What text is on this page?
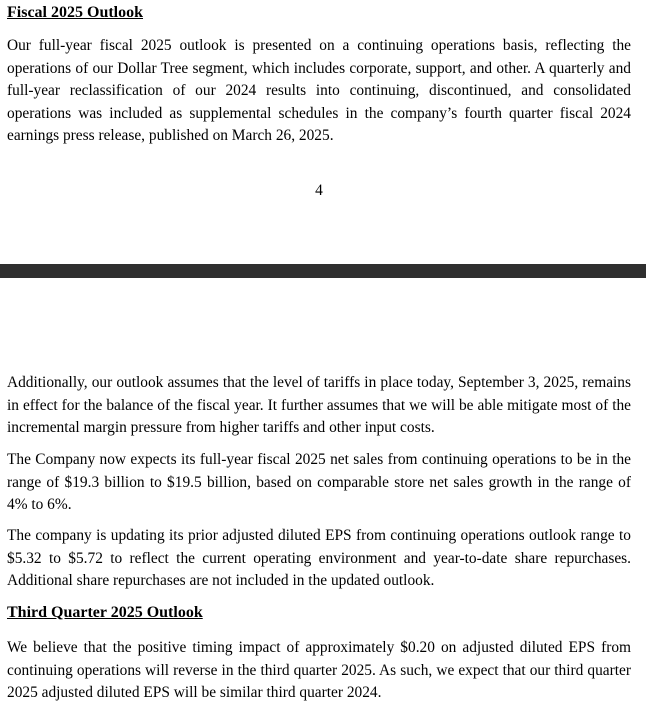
Fiscal 2025 Outlook

Our full-year fiscal 2025 outlook is presented on a continuing operations basis, reflecting the operations of our Dollar Tree segment, which includes corporate, support, and other. A quarterly and full-year reclassification of our 2024 results into continuing, discontinued, and consolidated operations was included as supplemental schedules in the company’s fourth quarter fiscal 2024 earnings press release, published on March 26, 2025.

4

Additionally, our outlook assumes that the level of tariffs in place today, September 3, 2025, remains in effect for the balance of the fiscal year. It further assumes that we will be able mitigate most of the incremental margin pressure from higher tariffs and other input costs.

The Company now expects its full-year fiscal 2025 net sales from continuing operations to be in the range of $19.3 billion to $19.5 billion, based on comparable store net sales growth in the range of 4% to 6%.

The company is updating its prior adjusted diluted EPS from continuing operations outlook range to $5.32 to $5.72 to reflect the current operating environment and year-to-date share repurchases. Additional share repurchases are not included in the updated outlook.

Third Quarter 2025 Outlook

We believe that the positive timing impact of approximately $0.20 on adjusted diluted EPS from continuing operations will reverse in the third quarter 2025. As such, we expect that our third quarter 2025 adjusted diluted EPS will be similar third quarter 2024.
